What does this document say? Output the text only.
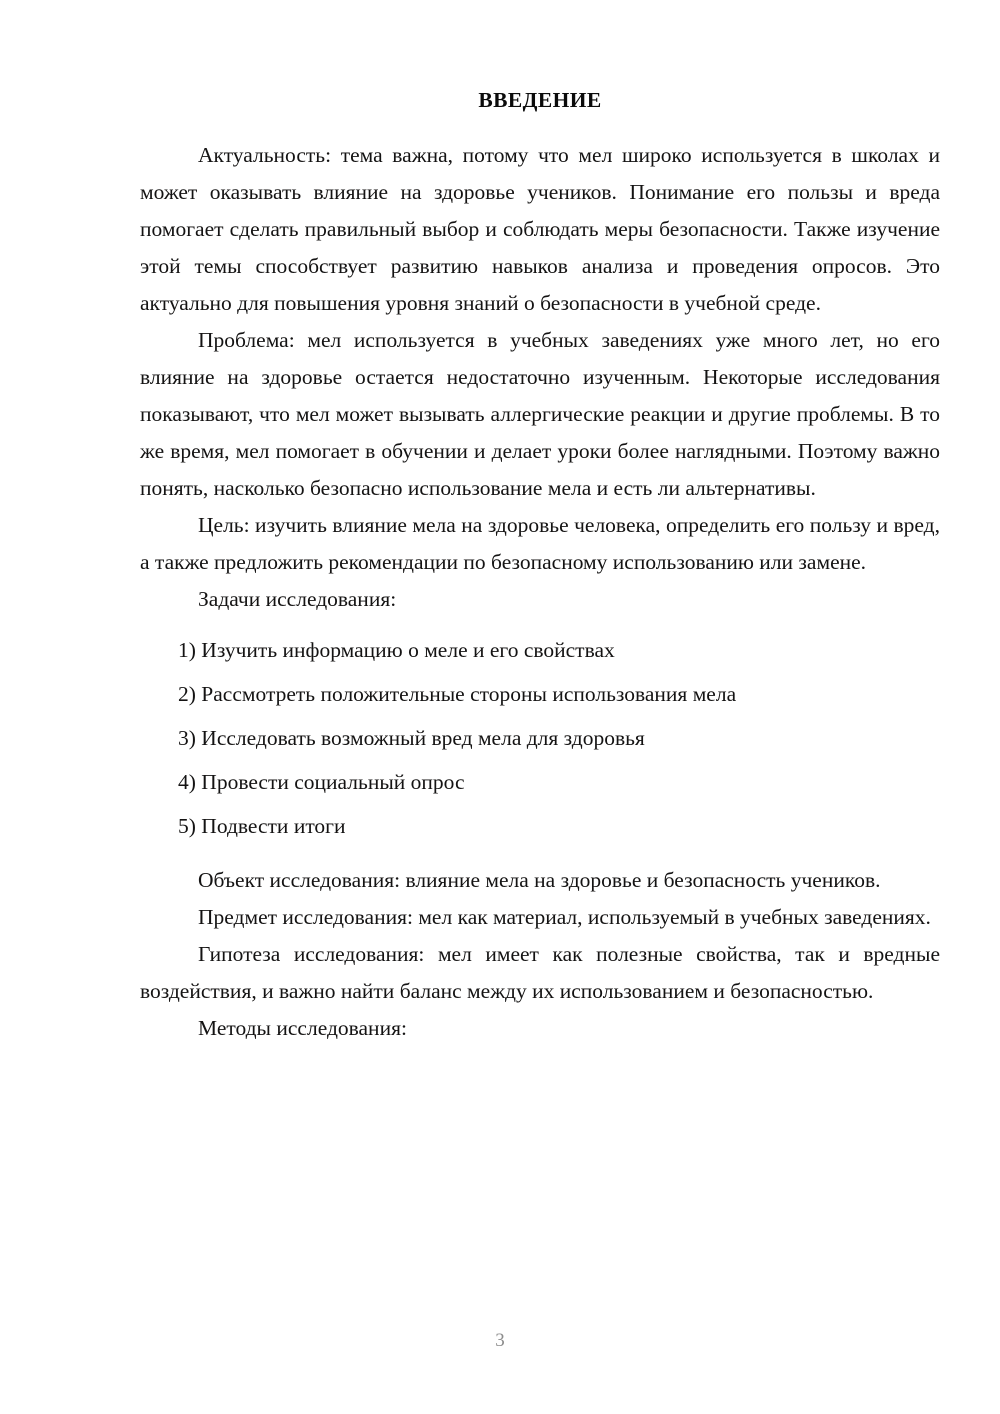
ВВЕДЕНИЕ

Актуальность: тема важна, потому что мел широко используется в школах и может оказывать влияние на здоровье учеников. Понимание его пользы и вреда помогает сделать правильный выбор и соблюдать меры безопасности. Также изучение этой темы способствует развитию навыков анализа и проведения опросов. Это актуально для повышения уровня знаний о безопасности в учебной среде.

Проблема: мел используется в учебных заведениях уже много лет, но его влияние на здоровье остается недостаточно изученным. Некоторые исследования показывают, что мел может вызывать аллергические реакции и другие проблемы. В то же время, мел помогает в обучении и делает уроки более наглядными. Поэтому важно понять, насколько безопасно использование мела и есть ли альтернативы.

Цель: изучить влияние мела на здоровье человека, определить его пользу и вред, а также предложить рекомендации по безопасному использованию или замене.

Задачи исследования:

1) Изучить информацию о меле и его свойствах
2) Рассмотреть положительные стороны использования мела
3) Исследовать возможный вред мела для здоровья
4) Провести социальный опрос
5) Подвести итоги

Объект исследования: влияние мела на здоровье и безопасность учеников.

Предмет исследования: мел как материал, используемый в учебных заведениях.

Гипотеза исследования: мел имеет как полезные свойства, так и вредные воздействия, и важно найти баланс между их использованием и безопасностью.

Методы исследования:

3
